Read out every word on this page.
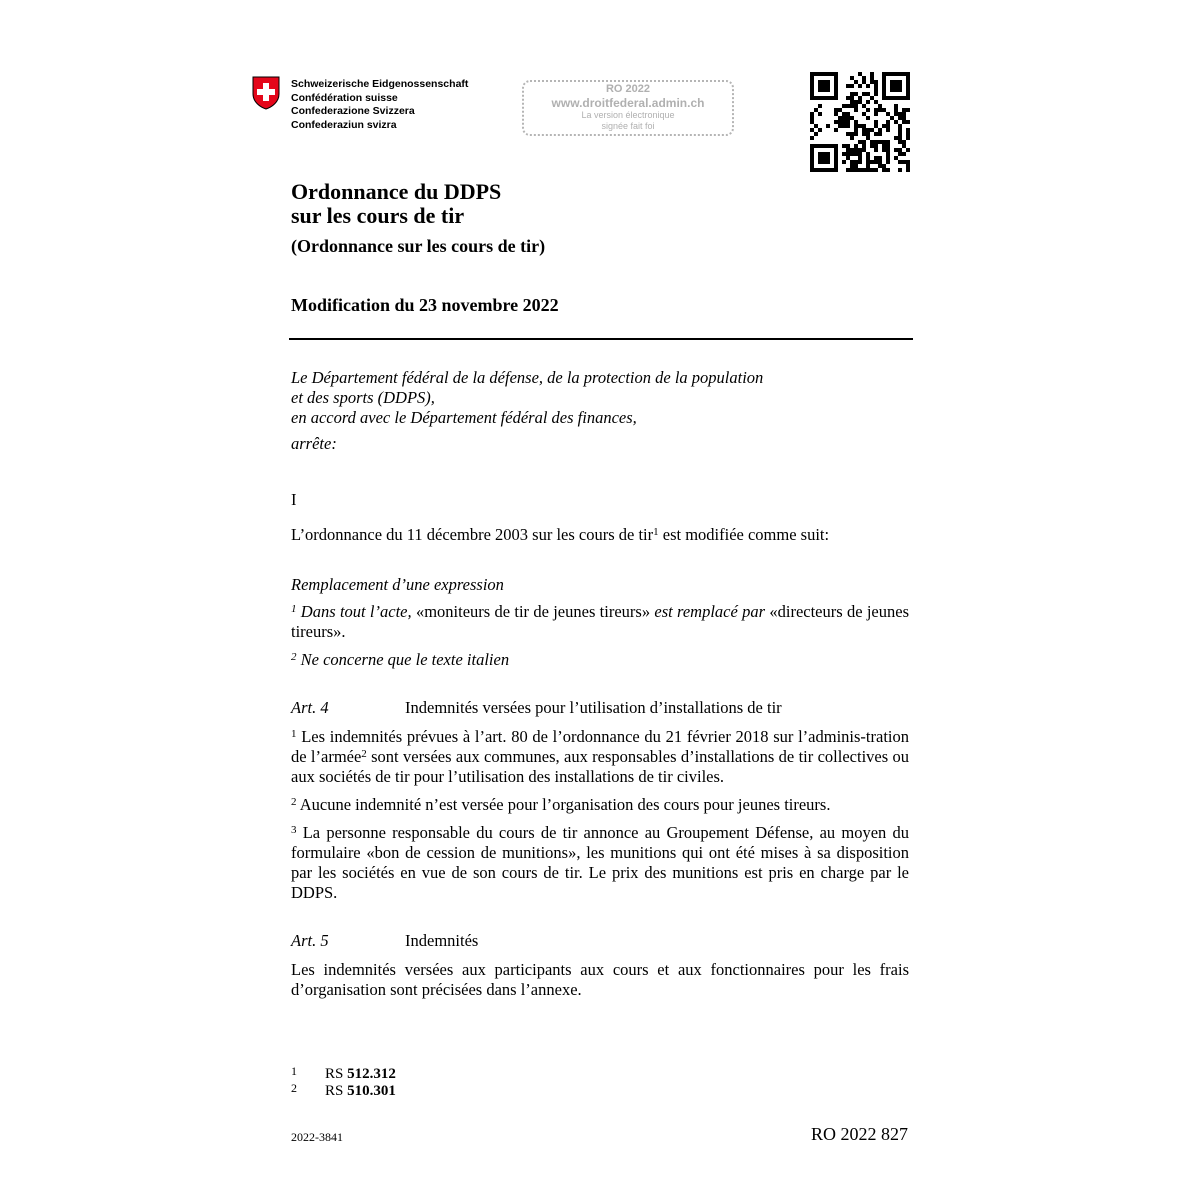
Schweizerische Eidgenossenschaft
Confédération suisse
Confederazione Svizzera
Confederaziun svizra
RO 2022
www.droitfederal.admin.ch
La version électronique
signée fait foi
Ordonnance du DDPS
sur les cours de tir
(Ordonnance sur les cours de tir)
Modification du 23 novembre 2022
Le Département fédéral de la défense, de la protection de la population
et des sports (DDPS),
en accord avec le Département fédéral des finances,
arrête:
I
L’ordonnance du 11 décembre 2003 sur les cours de tir$^1$ est modifiée comme suit:
Remplacement d’une expression
$^1$ Dans tout l’acte, «moniteurs de tir de jeunes tireurs» est remplacé par «directeurs de jeunes tireurs».
$^2$ Ne concerne que le texte italien
Art. 4	Indemnités versées pour l’utilisation d’installations de tir
$^1$ Les indemnités prévues à l’art. 80 de l’ordonnance du 21 février 2018 sur l’adminis-tration de l’armée$^2$ sont versées aux communes, aux responsables d’installations de tir collectives ou aux sociétés de tir pour l’utilisation des installations de tir civiles.
$^2$ Aucune indemnité n’est versée pour l’organisation des cours pour jeunes tireurs.
$^3$ La personne responsable du cours de tir annonce au Groupement Défense, au moyen du formulaire «bon de cession de munitions», les munitions qui ont été mises à sa disposition par les sociétés en vue de son cours de tir. Le prix des munitions est pris en charge par le DDPS.
Art. 5	Indemnités
Les indemnités versées aux participants aux cours et aux fonctionnaires pour les frais d’organisation sont précisées dans l’annexe.
1 RS 512.312
2 RS 510.301
2022-3841	RO 2022 827
